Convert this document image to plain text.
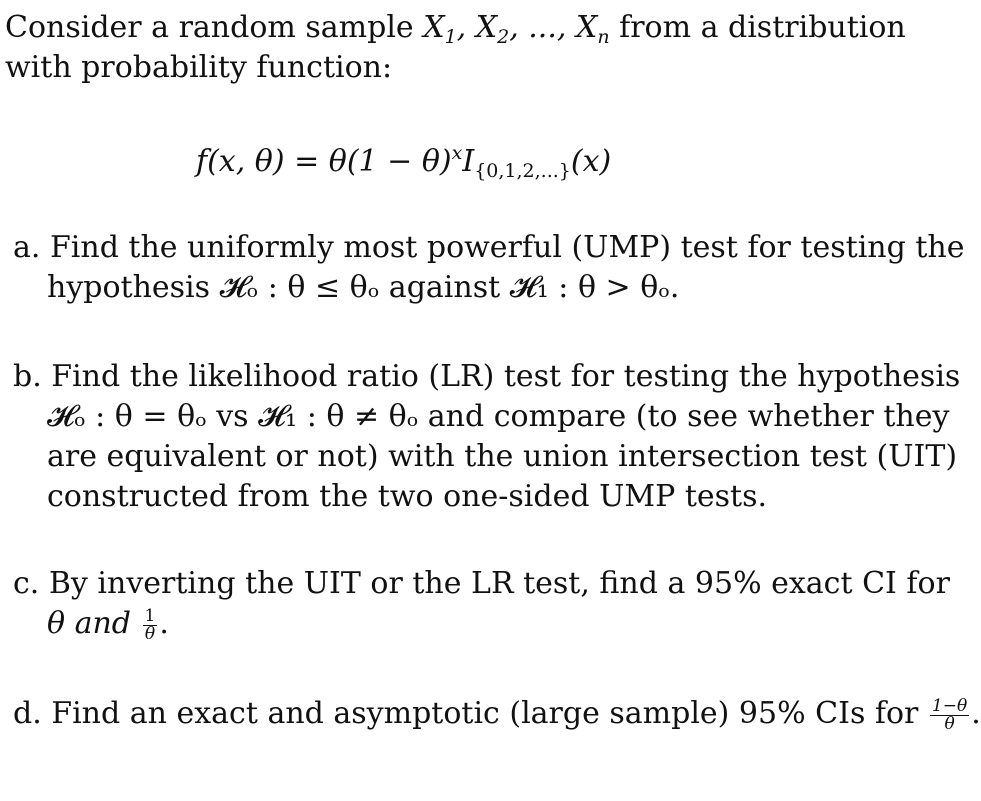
Consider a random sample $X_1$, $X_2$, ..., $X_n$ from a distribution
with probability function:
f(x, $\theta) = \theta(1 - \theta)^xI_{\{0,1,2,...\}}(x)$
a. Find the uniformly most powerful (UMP) test for testing the
hypothesis 𝓗ₒ : θ ≤ θₒ against 𝓗₁ : θ > θₒ.
b. Find the likelihood ratio (LR) test for testing the hypothesis
𝓗ₒ : θ = θₒ vs 𝓗₁ : θ ≠ θₒ and compare (to see whether they
are equivalent or not) with the union intersection test (UIT)
constructed from the two one-sided UMP tests.
c. By inverting the UIT or the LR test, find a 95% exact CI for
θ and $\frac{1}{\theta}$ .
d. Find an exact and asymptotic (large sample) 95% CIs for $\frac{1-\theta}{\theta}$ .
